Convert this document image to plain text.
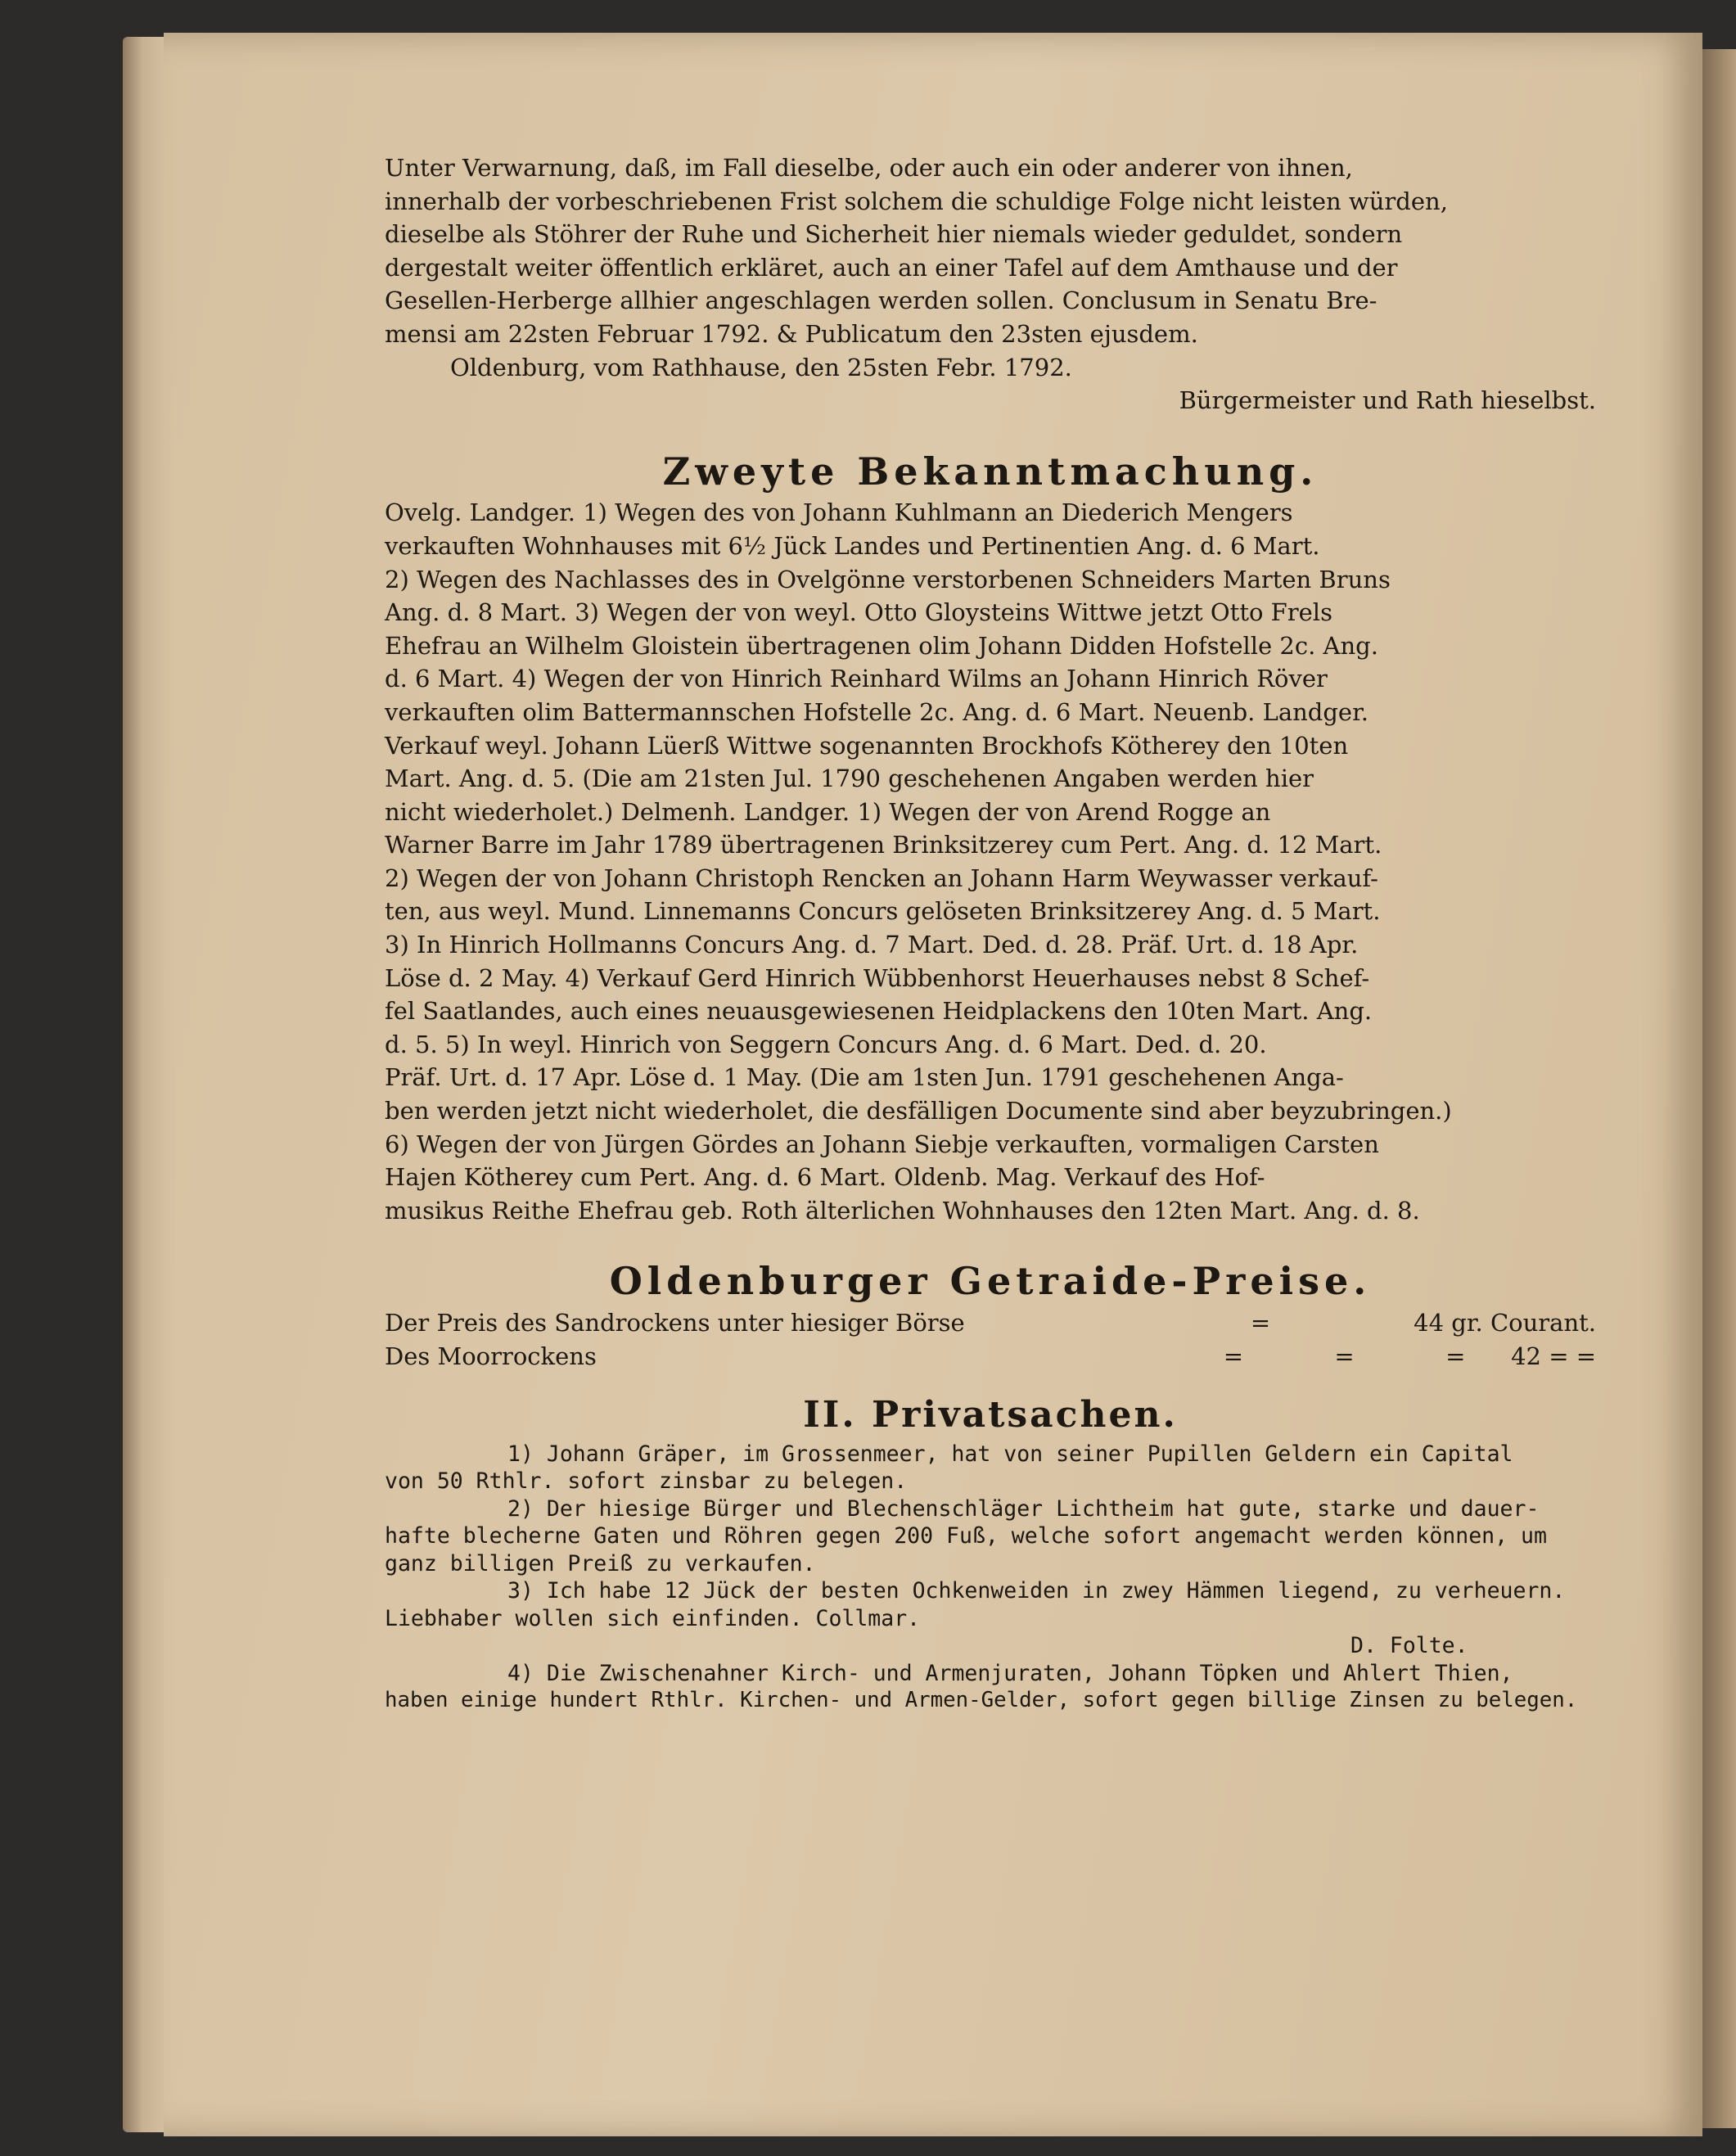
Unter Verwarnung, daß, im Fall dieselbe, oder auch ein oder anderer von ihnen,
innerhalb der vorbeschriebenen Frist solchem die schuldige Folge nicht leisten würden,
dieselbe als Stöhrer der Ruhe und Sicherheit hier niemals wieder geduldet, sondern
dergestalt weiter öffentlich erkläret, auch an einer Tafel auf dem Amthause und der
Gesellen-Herberge allhier angeschlagen werden sollen. Conclusum in Senatu Bre-
mensi am 22sten Februar 1792. & Publicatum den 23sten ejusdem.
Oldenburg, vom Rathhause, den 25sten Febr. 1792.
Bürgermeister und Rath hieselbst.
Zweyte Bekanntmachung.
Ovelg. Landger. 1) Wegen des von Johann Kuhlmann an Diederich Mengers
verkauften Wohnhauses mit 6½ Jück Landes und Pertinentien Ang. d. 6 Mart.
2) Wegen des Nachlasses des in Ovelgönne verstorbenen Schneiders Marten Bruns
Ang. d. 8 Mart. 3) Wegen der von weyl. Otto Gloysteins Wittwe jetzt Otto Frels
Ehefrau an Wilhelm Gloistein übertragenen olim Johann Didden Hofstelle 2c. Ang.
d. 6 Mart. 4) Wegen der von Hinrich Reinhard Wilms an Johann Hinrich Röver
verkauften olim Battermannschen Hofstelle 2c. Ang. d. 6 Mart. Neuenb. Landger.
Verkauf weyl. Johann Lüerß Wittwe sogenannten Brockhofs Kötherey den 10ten
Mart. Ang. d. 5. (Die am 21sten Jul. 1790 geschehenen Angaben werden hier
nicht wiederholet.) Delmenh. Landger. 1) Wegen der von Arend Rogge an
Warner Barre im Jahr 1789 übertragenen Brinksitzerey cum Pert. Ang. d. 12 Mart.
2) Wegen der von Johann Christoph Rencken an Johann Harm Weywasser verkauf-
ten, aus weyl. Mund. Linnemanns Concurs gelöseten Brinksitzerey Ang. d. 5 Mart.
3) In Hinrich Hollmanns Concurs Ang. d. 7 Mart. Ded. d. 28. Präf. Urt. d. 18 Apr.
Löse d. 2 May. 4) Verkauf Gerd Hinrich Wübbenhorst Heuerhauses nebst 8 Schef-
fel Saatlandes, auch eines neuausgewiesenen Heidplackens den 10ten Mart. Ang.
d. 5. 5) In weyl. Hinrich von Seggern Concurs Ang. d. 6 Mart. Ded. d. 20.
Präf. Urt. d. 17 Apr. Löse d. 1 May. (Die am 1sten Jun. 1791 geschehenen Anga-
ben werden jetzt nicht wiederholet, die desfälligen Documente sind aber beyzubringen.)
6) Wegen der von Jürgen Gördes an Johann Siebje verkauften, vormaligen Carsten
Hajen Kötherey cum Pert. Ang. d. 6 Mart. Oldenb. Mag. Verkauf des Hof-
musikus Reithe Ehefrau geb. Roth älterlichen Wohnhauses den 12ten Mart. Ang. d. 8.
Oldenburger Getraide-Preise.
Der Preis des Sandrockens unter hiesiger Börse	=	44 gr. Courant.
Des Moorrockens	=	=	=	42 = =
II. Privatsachen.
1) Johann Gräper, im Grossenmeer, hat von seiner Pupillen Geldern ein Capital
von 50 Rthlr. sofort zinsbar zu belegen.
2) Der hiesige Bürger und Blechenschläger Lichtheim hat gute, starke und dauer-
hafte blecherne Gaten und Röhren gegen 200 Fuß, welche sofort angemacht werden können, um
ganz billigen Preiß zu verkaufen.
3) Ich habe 12 Jück der besten Ochkenweiden in zwey Hämmen liegend, zu verheuern.
Liebhaber wollen sich einfinden. Collmar.
D. Folte.
4) Die Zwischenahner Kirch- und Armenjuraten, Johann Töpken und Ahlert Thien,
haben einige hundert Rthlr. Kirchen- und Armen-Gelder, sofort gegen billige Zinsen zu belegen.
